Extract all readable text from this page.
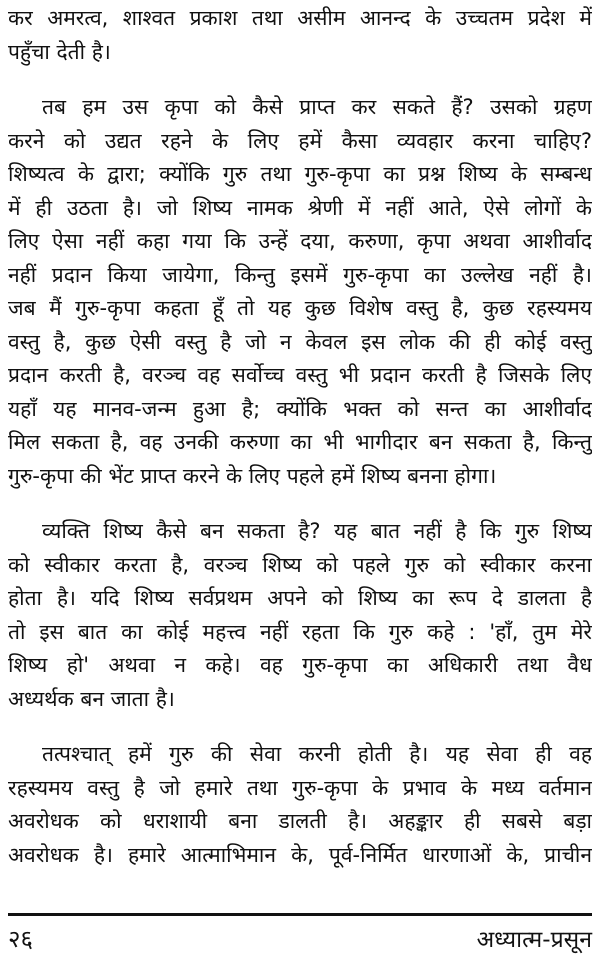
कर अमरत्व, शाश्वत प्रकाश तथा असीम आनन्द के उच्चतम प्रदेश में
पहुँचा देती है।
तब हम उस कृपा को कैसे प्राप्त कर सकते हैं? उसको ग्रहण
करने को उद्यत रहने के लिए हमें कैसा व्यवहार करना चाहिए?
शिष्यत्व के द्वारा; क्योंकि गुरु तथा गुरु-कृपा का प्रश्न शिष्य के सम्बन्ध
में ही उठता है। जो शिष्य नामक श्रेणी में नहीं आते, ऐसे लोगों के
लिए ऐसा नहीं कहा गया कि उन्हें दया, करुणा, कृपा अथवा आशीर्वाद
नहीं प्रदान किया जायेगा, किन्तु इसमें गुरु-कृपा का उल्लेख नहीं है।
जब मैं गुरु-कृपा कहता हूँ तो यह कुछ विशेष वस्तु है, कुछ रहस्यमय
वस्तु है, कुछ ऐसी वस्तु है जो न केवल इस लोक की ही कोई वस्तु
प्रदान करती है, वरञ्च वह सर्वोच्च वस्तु भी प्रदान करती है जिसके लिए
यहाँ यह मानव-जन्म हुआ है; क्योंकि भक्त को सन्त का आशीर्वाद
मिल सकता है, वह उनकी करुणा का भी भागीदार बन सकता है, किन्तु
गुरु-कृपा की भेंट प्राप्त करने के लिए पहले हमें शिष्य बनना होगा।
व्यक्ति शिष्य कैसे बन सकता है? यह बात नहीं है कि गुरु शिष्य
को स्वीकार करता है, वरञ्च शिष्य को पहले गुरु को स्वीकार करना
होता है। यदि शिष्य सर्वप्रथम अपने को शिष्य का रूप दे डालता है
तो इस बात का कोई महत्त्व नहीं रहता कि गुरु कहे : 'हाँ, तुम मेरे
शिष्य हो' अथवा न कहे। वह गुरु-कृपा का अधिकारी तथा वैध
अध्यर्थक बन जाता है।
तत्पश्चात् हमें गुरु की सेवा करनी होती है। यह सेवा ही वह
रहस्यमय वस्तु है जो हमारे तथा गुरु-कृपा के प्रभाव के मध्य वर्तमान
अवरोधक को धराशायी बना डालती है। अहङ्कार ही सबसे बड़ा
अवरोधक है। हमारे आत्माभिमान के, पूर्व-निर्मित धारणाओं के, प्राचीन
२६	अध्यात्म-प्रसून
